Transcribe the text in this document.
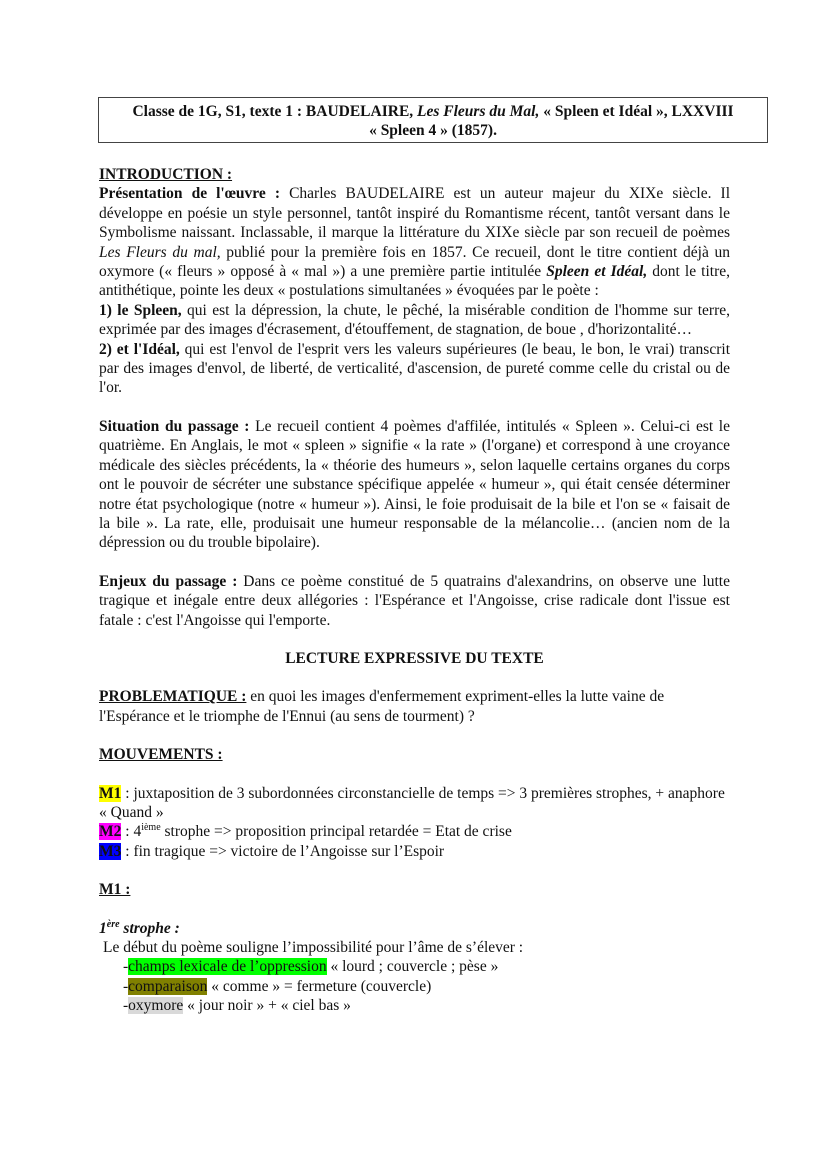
Classe de 1G, S1, texte 1 : BAUDELAIRE, Les Fleurs du Mal, « Spleen et Idéal », LXXVIII
« Spleen 4 » (1857).

INTRODUCTION :

Présentation de l'œuvre : Charles BAUDELAIRE est un auteur majeur du XIXe siècle. Il développe en poésie un style personnel, tantôt inspiré du Romantisme récent, tantôt versant dans le Symbolisme naissant. Inclassable, il marque la littérature du XIXe siècle par son recueil de poèmes Les Fleurs du mal, publié pour la première fois en 1857. Ce recueil, dont le titre contient déjà un oxymore (« fleurs » opposé à « mal ») a une première partie intitulée Spleen et Idéal, dont le titre, antithétique, pointe les deux « postulations simultanées » évoquées par le poète :

1) le Spleen, qui est la dépression, la chute, le pêché, la misérable condition de l'homme sur terre, exprimée par des images d'écrasement, d'étouffement, de stagnation, de boue , d'horizontalité…

2) et l'Idéal, qui est l'envol de l'esprit vers les valeurs supérieures (le beau, le bon, le vrai) transcrit par des images d'envol, de liberté, de verticalité, d'ascension, de pureté comme celle du cristal ou de l'or.

Situation du passage : Le recueil contient 4 poèmes d'affilée, intitulés « Spleen ». Celui-ci est le quatrième. En Anglais, le mot « spleen » signifie « la rate » (l'organe) et correspond à une croyance médicale des siècles précédents, la « théorie des humeurs », selon laquelle certains organes du corps ont le pouvoir de sécréter une substance spécifique appelée « humeur », qui était censée déterminer notre état psychologique (notre « humeur »). Ainsi, le foie produisait de la bile et l'on se « faisait de la bile ». La rate, elle, produisait une humeur responsable de la mélancolie… (ancien nom de la dépression ou du trouble bipolaire).

Enjeux du passage : Dans ce poème constitué de 5 quatrains d'alexandrins, on observe une lutte tragique et inégale entre deux allégories : l'Espérance et l'Angoisse, crise radicale dont l'issue est fatale : c'est l'Angoisse qui l'emporte.

LECTURE EXPRESSIVE DU TEXTE

PROBLEMATIQUE : en quoi les images d'enfermement expriment-elles la lutte vaine de l'Espérance et le triomphe de l'Ennui (au sens de tourment) ?

MOUVEMENTS :

M1 : juxtaposition de 3 subordonnées circonstancielle de temps => 3 premières strophes, + anaphore « Quand »

M2 : 4ième strophe => proposition principal retardée = Etat de crise

M3 : fin tragique => victoire de l’Angoisse sur l’Espoir

M1 :

1ère strophe :

Le début du poème souligne l’impossibilité pour l’âme de s’élever :

-champs lexicale de l’oppression « lourd ; couvercle ; pèse »

-comparaison « comme » = fermeture (couvercle)

-oxymore « jour noir » + « ciel bas »
